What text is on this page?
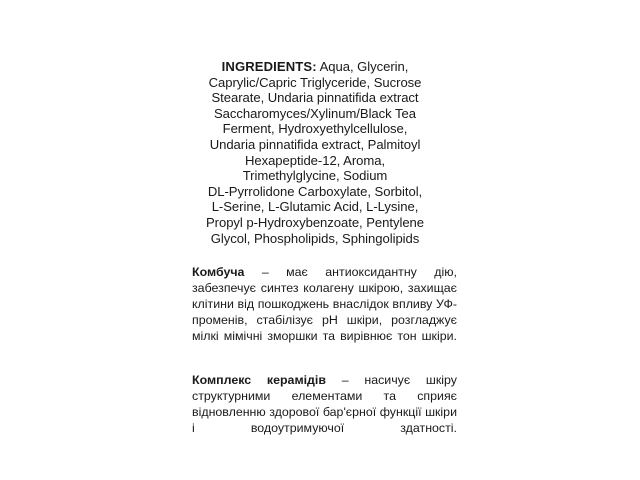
INGREDIENTS: Aqua, Glycerin,
Caprylic/Capric Triglyceride, Sucrose
Stearate, Undaria pinnatifida extract
Saccharomyces/Xylinum/Black Tea
Ferment, Hydroxyethylcellulose,
Undaria pinnatifida extract, Palmitoyl
Hexapeptide-12, Aroma,
Trimethylglycine, Sodium
DL-Pyrrolidone Carboxylate, Sorbitol,
L-Serine, L-Glutamic Acid, L-Lysine,
Propyl p-Hydroxybenzoate, Pentylene
Glycol, Phospholipids, Sphingolipids
Комбуча – має антиоксидантну дію, забезпечує синтез колагену шкірою, захищає клітини від пошкоджень внаслідок впливу УФ-променів, стабілізує pH шкіри, розгладжує мілкі мімічні зморшки та вирівнює тон шкіри.
Комплекс керамідів – насичує шкіру структурними елементами та сприяє відновленню здорової бар'єрної функції шкіри і водоутримуючої здатності.
